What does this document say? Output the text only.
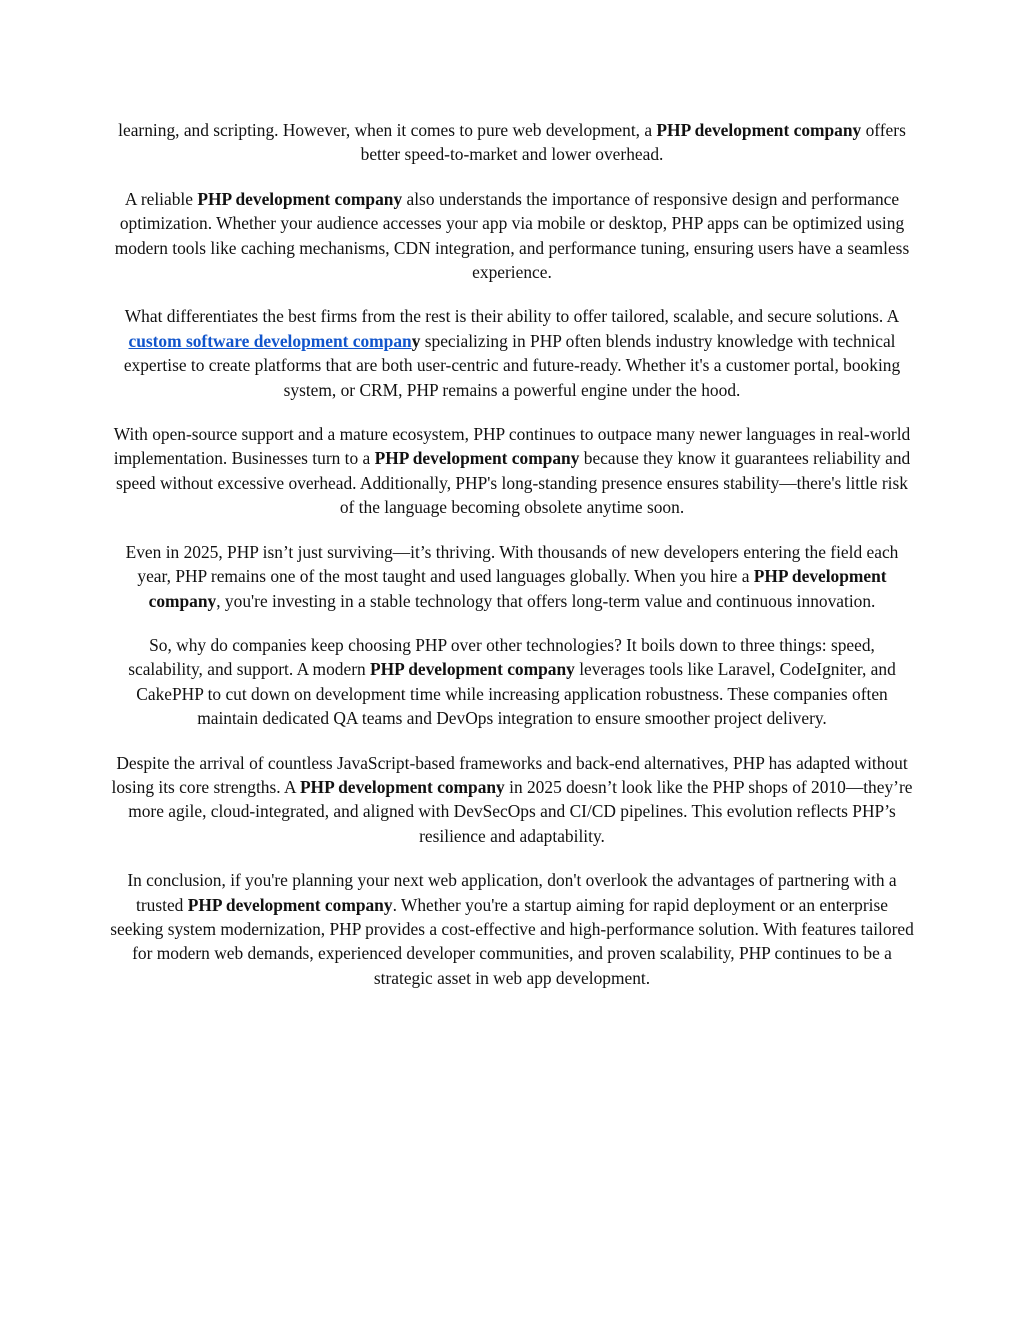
learning, and scripting. However, when it comes to pure web development, a PHP development company offers better speed-to-market and lower overhead.

A reliable PHP development company also understands the importance of responsive design and performance optimization. Whether your audience accesses your app via mobile or desktop, PHP apps can be optimized using modern tools like caching mechanisms, CDN integration, and performance tuning, ensuring users have a seamless experience.

What differentiates the best firms from the rest is their ability to offer tailored, scalable, and secure solutions. A custom software development company specializing in PHP often blends industry knowledge with technical expertise to create platforms that are both user-centric and future-ready. Whether it's a customer portal, booking system, or CRM, PHP remains a powerful engine under the hood.

With open-source support and a mature ecosystem, PHP continues to outpace many newer languages in real-world implementation. Businesses turn to a PHP development company because they know it guarantees reliability and speed without excessive overhead. Additionally, PHP's long-standing presence ensures stability—there's little risk of the language becoming obsolete anytime soon.

Even in 2025, PHP isn’t just surviving—it’s thriving. With thousands of new developers entering the field each year, PHP remains one of the most taught and used languages globally. When you hire a PHP development company, you're investing in a stable technology that offers long-term value and continuous innovation.

So, why do companies keep choosing PHP over other technologies? It boils down to three things: speed, scalability, and support. A modern PHP development company leverages tools like Laravel, CodeIgniter, and CakePHP to cut down on development time while increasing application robustness. These companies often maintain dedicated QA teams and DevOps integration to ensure smoother project delivery.

Despite the arrival of countless JavaScript-based frameworks and back-end alternatives, PHP has adapted without losing its core strengths. A PHP development company in 2025 doesn’t look like the PHP shops of 2010—they’re more agile, cloud-integrated, and aligned with DevSecOps and CI/CD pipelines. This evolution reflects PHP’s resilience and adaptability.

In conclusion, if you're planning your next web application, don't overlook the advantages of partnering with a trusted PHP development company. Whether you're a startup aiming for rapid deployment or an enterprise seeking system modernization, PHP provides a cost-effective and high-performance solution. With features tailored for modern web demands, experienced developer communities, and proven scalability, PHP continues to be a strategic asset in web app development.
